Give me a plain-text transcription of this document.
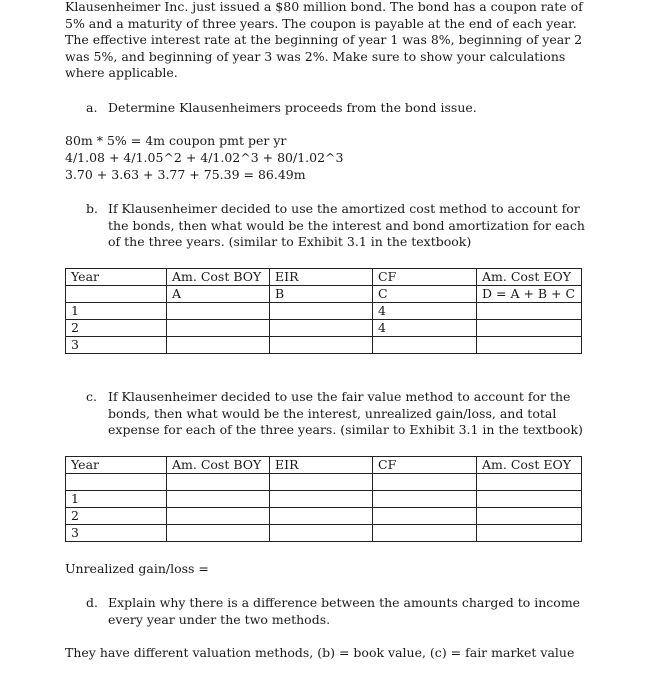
Klausenheimer Inc. just issued a $80 million bond. The bond has a coupon rate of 5% and a maturity of three years. The coupon is payable at the end of each year. The effective interest rate at the beginning of year 1 was 8%, beginning of year 2 was 5%, and beginning of year 3 was 2%. Make sure to show your calculations where applicable.

a. Determine Klausenheimers proceeds from the bond issue.
80m * 5% = 4m coupon pmt per yr
4/1.08 + 4/1.05^2 + 4/1.02^3 + 80/1.02^3
3.70 + 3.63 + 3.77 + 75.39 = 86.49m
b. If Klausenheimer decided to use the amortized cost method to account for the bonds, then what would be the interest and bond amortization for each of the three years. (similar to Exhibit 3.1 in the textbook)
Year	Am. Cost BOY	EIR	CF	Am. Cost EOY
	A	B	C	D = A + B + C
1			4	
2			4	
3				
c. If Klausenheimer decided to use the fair value method to account for the bonds, then what would be the interest, unrealized gain/loss, and total expense for each of the three years. (similar to Exhibit 3.1 in the textbook)
Year	Am. Cost BOY	EIR	CF	Am. Cost EOY

1				
2				
3				
Unrealized gain/loss =
d. Explain why there is a difference between the amounts charged to income every year under the two methods.
They have different valuation methods, (b) = book value, (c) = fair market value
